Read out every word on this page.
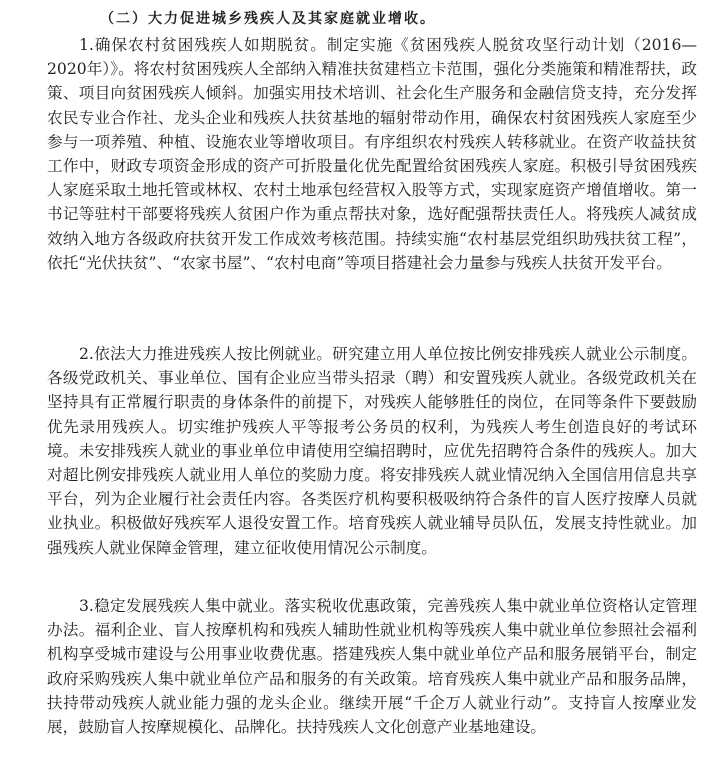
（二）大力促进城乡残疾人及其家庭就业增收。

1.确保农村贫困残疾人如期脱贫。制定实施《贫困残疾人脱贫攻坚行动计划（2016—2020年）》。将农村贫困残疾人全部纳入精准扶贫建档立卡范围，强化分类施策和精准帮扶，政策、项目向贫困残疾人倾斜。加强实用技术培训、社会化生产服务和金融信贷支持，充分发挥农民专业合作社、龙头企业和残疾人扶贫基地的辐射带动作用，确保农村贫困残疾人家庭至少参与一项养殖、种植、设施农业等增收项目。有序组织农村残疾人转移就业。在资产收益扶贫工作中，财政专项资金形成的资产可折股量化优先配置给贫困残疾人家庭。积极引导贫困残疾人家庭采取土地托管或林权、农村土地承包经营权入股等方式，实现家庭资产增值增收。第一书记等驻村干部要将残疾人贫困户作为重点帮扶对象，选好配强帮扶责任人。将残疾人减贫成效纳入地方各级政府扶贫开发工作成效考核范围。持续实施“农村基层党组织助残扶贫工程”，依托“光伏扶贫”、“农家书屋”、“农村电商”等项目搭建社会力量参与残疾人扶贫开发平台。

2.依法大力推进残疾人按比例就业。研究建立用人单位按比例安排残疾人就业公示制度。各级党政机关、事业单位、国有企业应当带头招录（聘）和安置残疾人就业。各级党政机关在坚持具有正常履行职责的身体条件的前提下，对残疾人能够胜任的岗位，在同等条件下要鼓励优先录用残疾人。切实维护残疾人平等报考公务员的权利，为残疾人考生创造良好的考试环境。未安排残疾人就业的事业单位申请使用空编招聘时，应优先招聘符合条件的残疾人。加大对超比例安排残疾人就业用人单位的奖励力度。将安排残疾人就业情况纳入全国信用信息共享平台，列为企业履行社会责任内容。各类医疗机构要积极吸纳符合条件的盲人医疗按摩人员就业执业。积极做好残疾军人退役安置工作。培育残疾人就业辅导员队伍，发展支持性就业。加强残疾人就业保障金管理，建立征收使用情况公示制度。

3.稳定发展残疾人集中就业。落实税收优惠政策，完善残疾人集中就业单位资格认定管理办法。福利企业、盲人按摩机构和残疾人辅助性就业机构等残疾人集中就业单位参照社会福利机构享受城市建设与公用事业收费优惠。搭建残疾人集中就业单位产品和服务展销平台，制定政府采购残疾人集中就业单位产品和服务的有关政策。培育残疾人集中就业产品和服务品牌，扶持带动残疾人就业能力强的龙头企业。继续开展“千企万人就业行动”。支持盲人按摩业发展，鼓励盲人按摩规模化、品牌化。扶持残疾人文化创意产业基地建设。
